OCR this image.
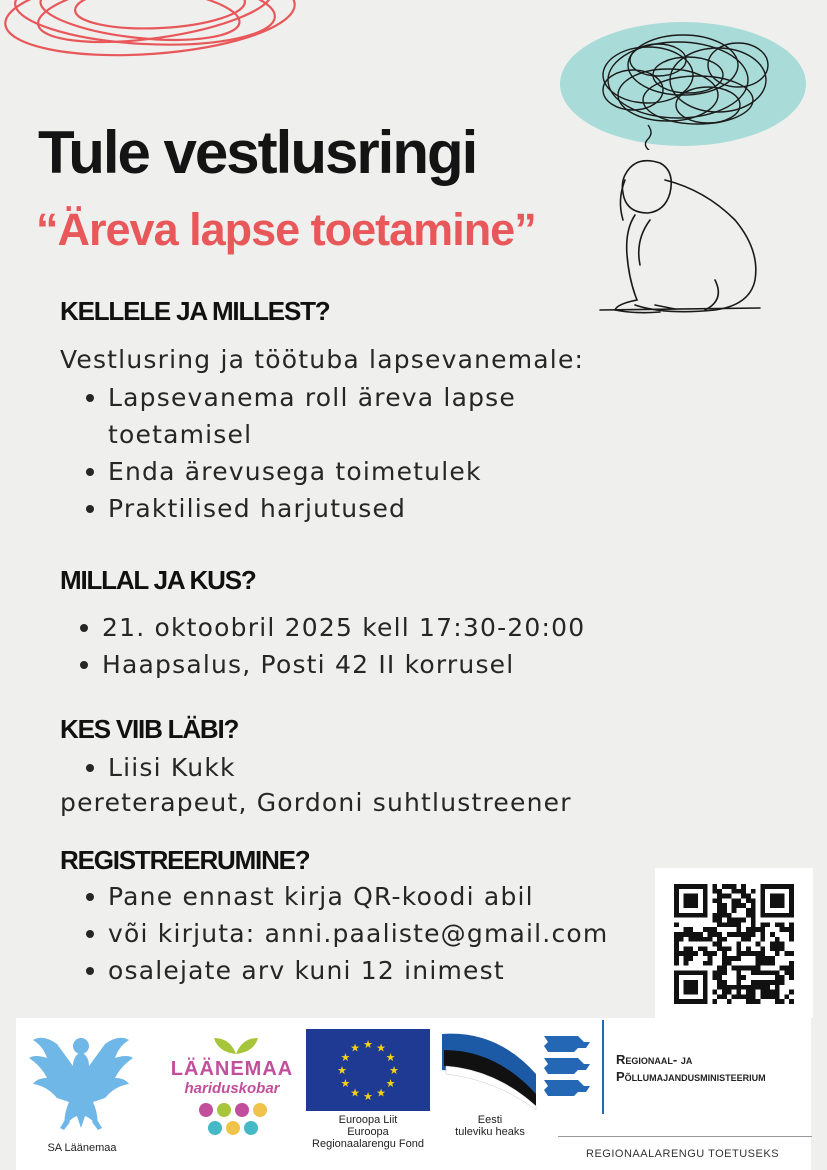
Tule vestlusringi
“Äreva lapse toetamine”
KELLELE JA MILLEST?

Vestlusring ja töötuba lapsevanemale:

Lapsevanema roll äreva lapse
toetamisel
Enda ärevusega toimetulek
Praktilised harjutused
MILLAL JA KUS?
21. oktoobril 2025 kell 17:30-20:00
Haapsalus, Posti 42 II korrusel
KES VIIB LÄBI?
Liisi Kukk

pereterapeut, Gordoni suhtlustreener

REGISTREERUMINE?
Pane ennast kirja QR-koodi abil
või kirjuta: anni.paaliste@gmail.com
osalejate arv kuni 12 inimest
SA Läänemaa
LÄÄNEMAA
hariduskobar
★ ★
★
★
★
★
★
★
★
★
★
★
Euroopa Liit
Euroopa
Regionaalarengu Fond
Eesti
tuleviku heaks
Regionaal- ja
Põllumajandusministeerium
REGIONAALARENGU TOETUSEKS
